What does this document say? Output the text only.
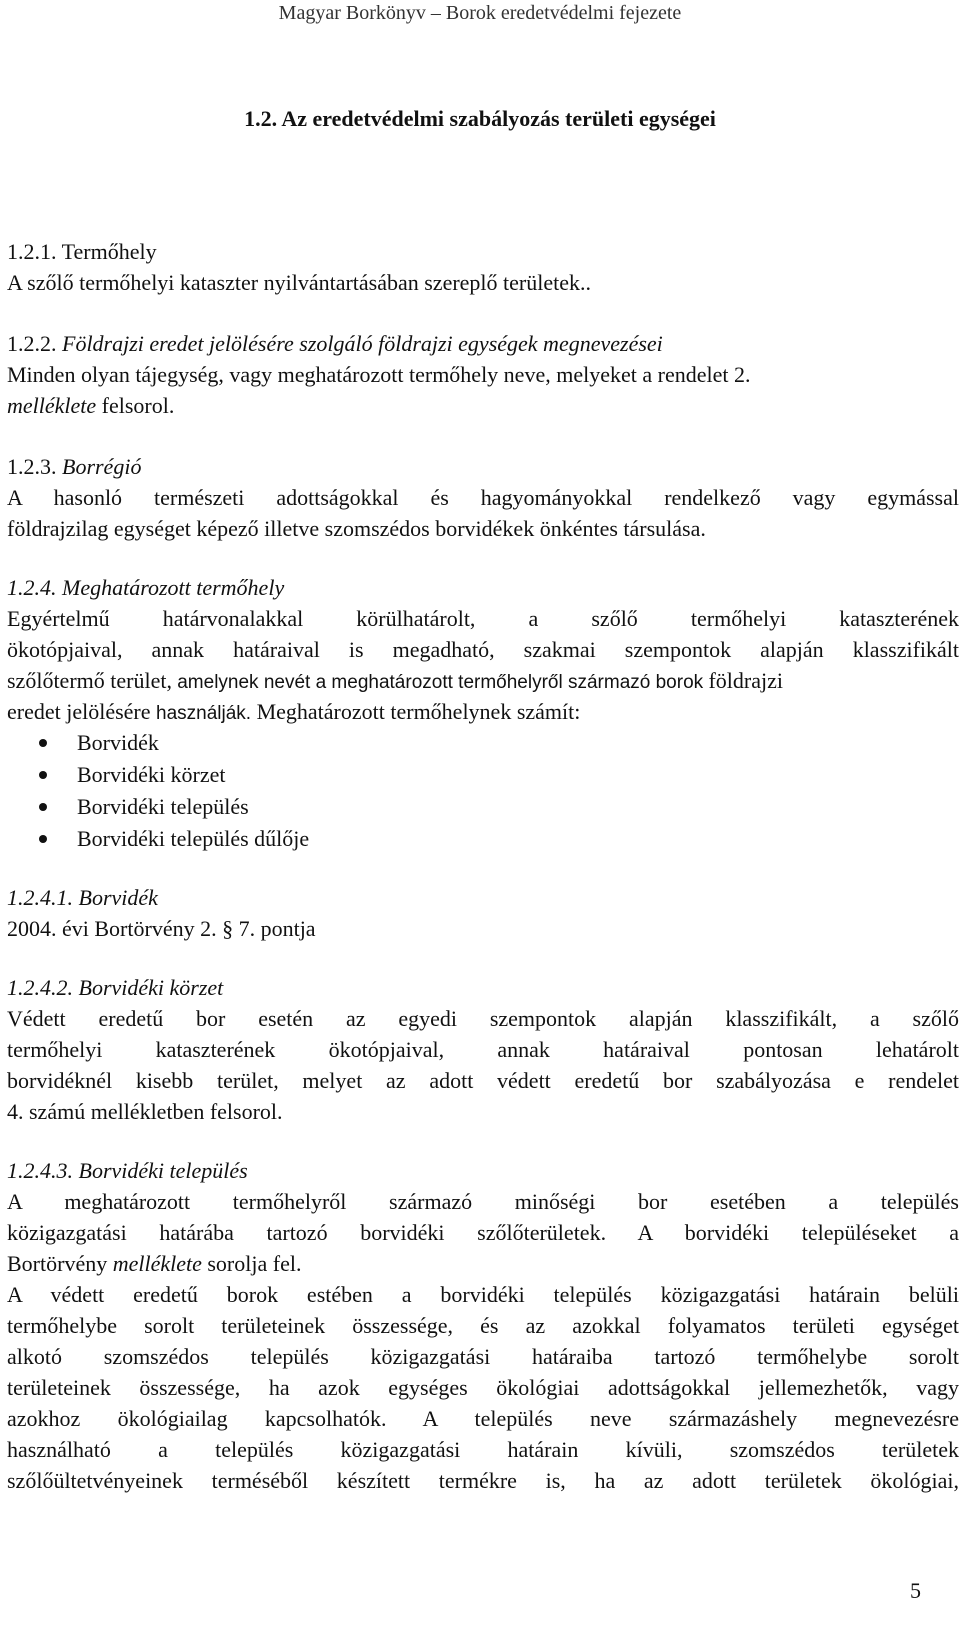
Magyar Borkönyv – Borok eredetvédelmi fejezete
1.2. Az eredetvédelmi szabályozás területi egységei
1.2.1. Termőhely
A szőlő termőhelyi kataszter nyilvántartásában szereplő területek..
1.2.2. Földrajzi eredet jelölésére szolgáló földrajzi egységek megnevezései
Minden olyan tájegység, vagy meghatározott termőhely neve, melyeket a rendelet 2.
melléklete felsorol.
1.2.3. Borrégió
A hasonló természeti adottságokkal és hagyományokkal rendelkező vagy egymással
földrajzilag egységet képező illetve szomszédos borvidékek önkéntes társulása.
1.2.4. Meghatározott termőhely
Egyértelmű határvonalakkal körülhatárolt, a szőlő termőhelyi kataszterének
ökotópjaival, annak határaival is megadható, szakmai szempontok alapján klasszifikált
szőlőtermő terület, amelynek nevét a meghatározott termőhelyről származó borok földrajzi
eredet jelölésére használják. Meghatározott termőhelynek számít:
Borvidék
Borvidéki körzet
Borvidéki település
Borvidéki település dűlője
1.2.4.1. Borvidék
2004. évi Bortörvény 2. § 7. pontja
1.2.4.2. Borvidéki körzet
Védett eredetű bor esetén az egyedi szempontok alapján klasszifikált, a szőlő
termőhelyi kataszterének ökotópjaival, annak határaival pontosan lehatárolt
borvidéknél kisebb terület, melyet az adott védett eredetű bor szabályozása e rendelet
4. számú mellékletben felsorol.
1.2.4.3. Borvidéki település
A meghatározott termőhelyről származó minőségi bor esetében a település
közigazgatási határába tartozó borvidéki szőlőterületek. A borvidéki településeket a
Bortörvény melléklete sorolja fel.
A védett eredetű borok estében a borvidéki település közigazgatási határain belüli
termőhelybe sorolt területeinek összessége, és az azokkal folyamatos területi egységet
alkotó szomszédos település közigazgatási határaiba tartozó termőhelybe sorolt
területeinek összessége, ha azok egységes ökológiai adottságokkal jellemezhetők, vagy
azokhoz ökológiailag kapcsolhatók. A település neve származáshely megnevezésre
használható a település közigazgatási határain kívüli, szomszédos területek
szőlőültetvényeinek terméséből készített termékre is, ha az adott területek ökológiai,
5
